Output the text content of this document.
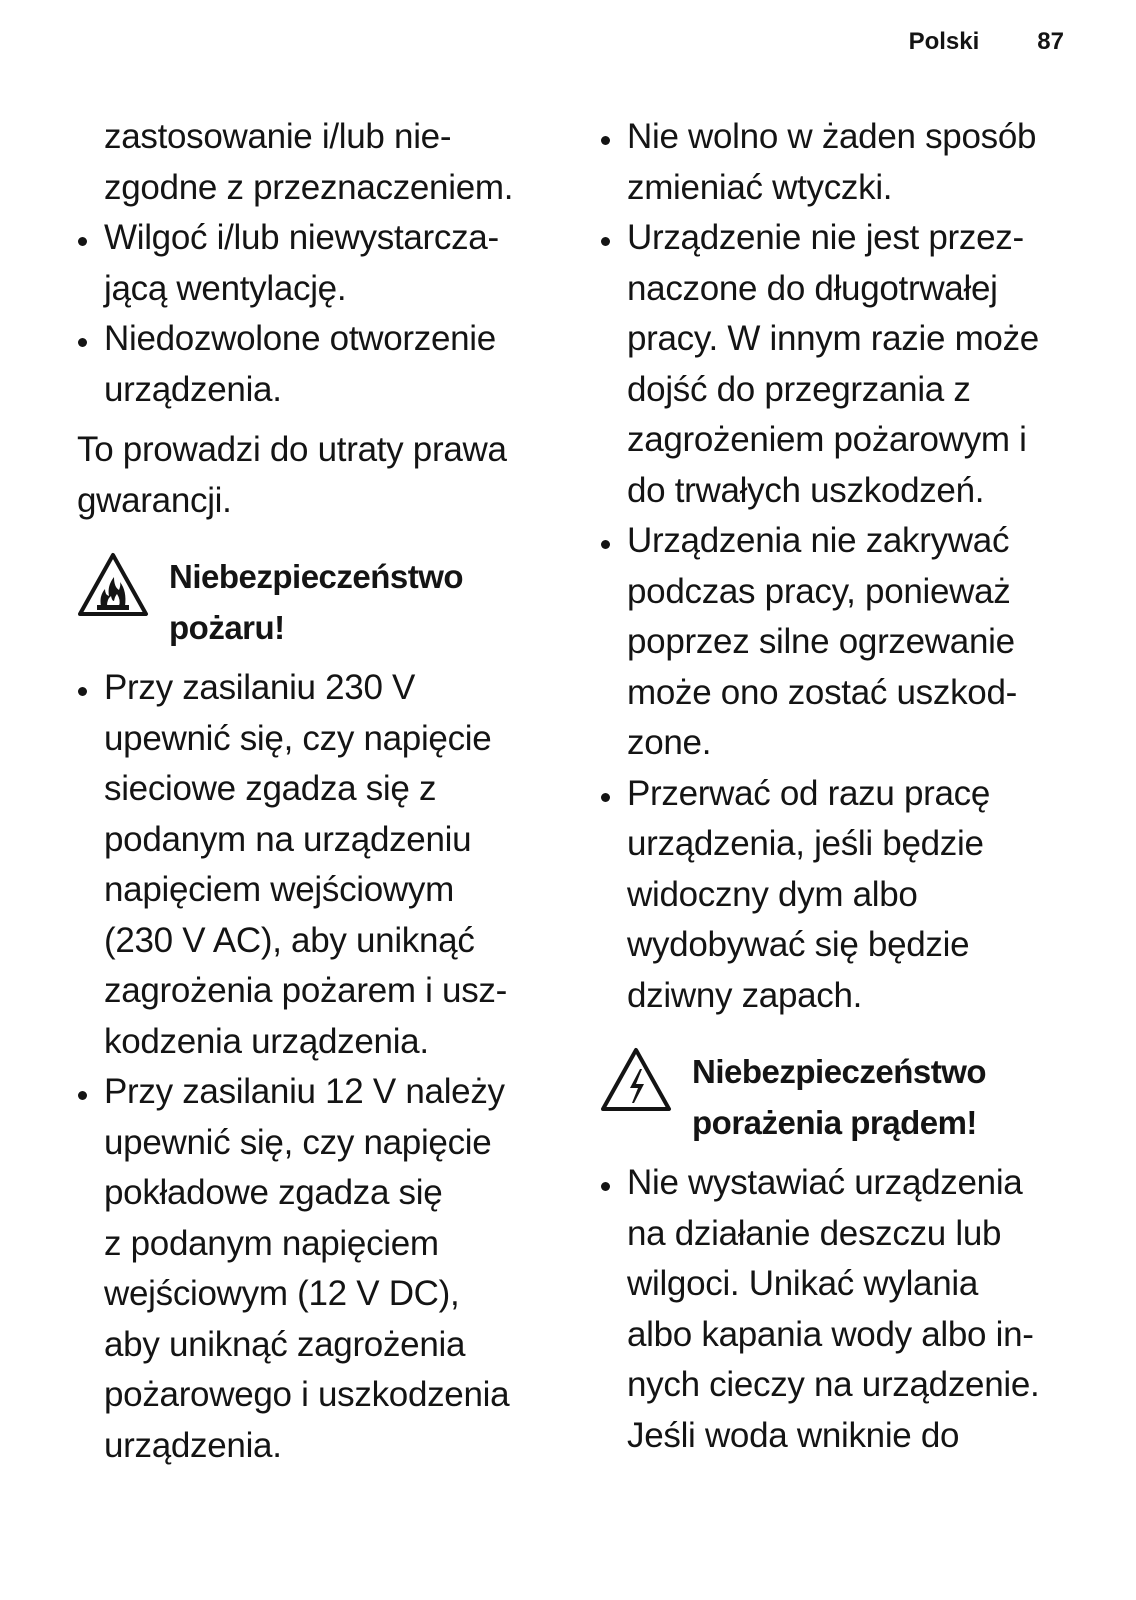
Polski 87
zastosowanie i/lub nie-
zgodne z przeznaczeniem.
Wilgoć i/lub niewystarcza-
jącą wentylację.
Niedozwolone otworzenie
urządzenia.
To prowadzi do utraty prawa
gwarancji.
Niebezpieczeństwo
pożaru!
Przy zasilaniu 230 V
upewnić się, czy napięcie
sieciowe zgadza się z
podanym na urządzeniu
napięciem wejściowym
(230 V AC), aby uniknąć
zagrożenia pożarem i usz-
kodzenia urządzenia.
Przy zasilaniu 12 V należy
upewnić się, czy napięcie
pokładowe zgadza się
z podanym napięciem
wejściowym (12 V DC),
aby uniknąć zagrożenia
pożarowego i uszkodzenia
urządzenia.
Nie wolno w żaden sposób
zmieniać wtyczki.
Urządzenie nie jest przez-
naczone do długotrwałej
pracy. W innym razie może
dojść do przegrzania z
zagrożeniem pożarowym i
do trwałych uszkodzeń.
Urządzenia nie zakrywać
podczas pracy, ponieważ
poprzez silne ogrzewanie
może ono zostać uszkod-
zone.
Przerwać od razu pracę
urządzenia, jeśli będzie
widoczny dym albo
wydobywać się będzie
dziwny zapach.
Niebezpieczeństwo
porażenia prądem!
Nie wystawiać urządzenia
na działanie deszczu lub
wilgoci. Unikać wylania
albo kapania wody albo in-
nych cieczy na urządzenie.
Jeśli woda wniknie do
